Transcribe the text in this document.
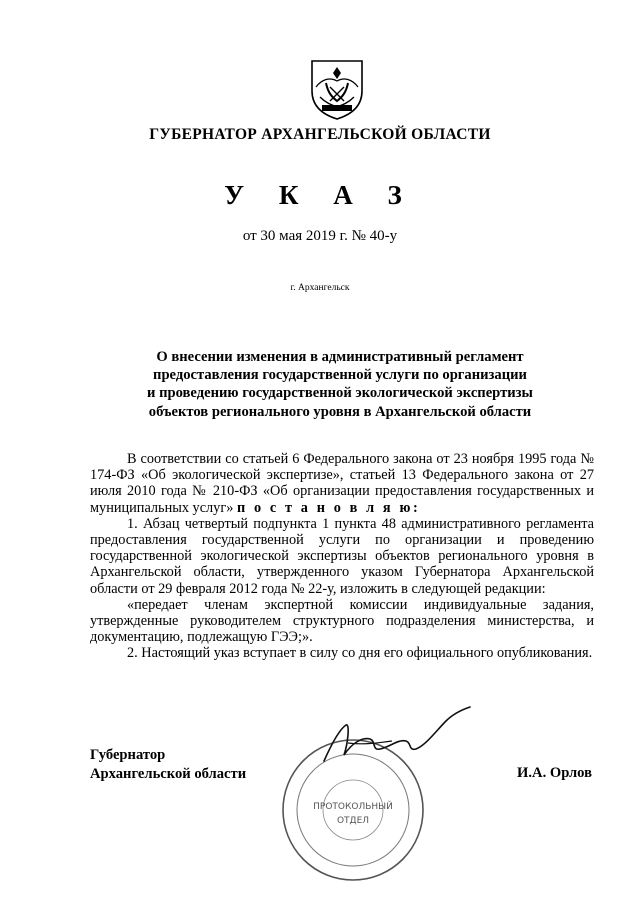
ГУБЕРНАТОР АРХАНГЕЛЬСКОЙ ОБЛАСТИ
У К А З
от 30 мая 2019 г. № 40-у
г. Архангельск
О внесении изменения в административный регламент
предоставления государственной услуги по организации
и проведению государственной экологической экспертизы
объектов регионального уровня в Архангельской области

В соответствии со статьей 6 Федерального закона от 23 ноября 1995 года № 174-ФЗ «Об экологической экспертизе», статьей 13 Федерального закона от 27 июля 2010 года № 210-ФЗ «Об организации предоставления государственных и муниципальных услуг» п о с т а н о в л я ю:

1. Абзац четвертый подпункта 1 пункта 48 административного регламента предоставления государственной услуги по организации и проведению государственной экологической экспертизы объектов регионального уровня в Архангельской области, утвержденного указом Губернатора Архангельской области от 29 февраля 2012 года № 22-у, изложить в следующей редакции:

«передает членам экспертной комиссии индивидуальные задания, утвержденные руководителем структурного подразделения министерства, и документацию, подлежащую ГЭЭ;».

2. Настоящий указ вступает в силу со дня его официального опубликования.

ПРОТОКОЛЬНЫЙ
ОТДЕЛ
Губернатор
Архангельской области	И.А. Орлов
